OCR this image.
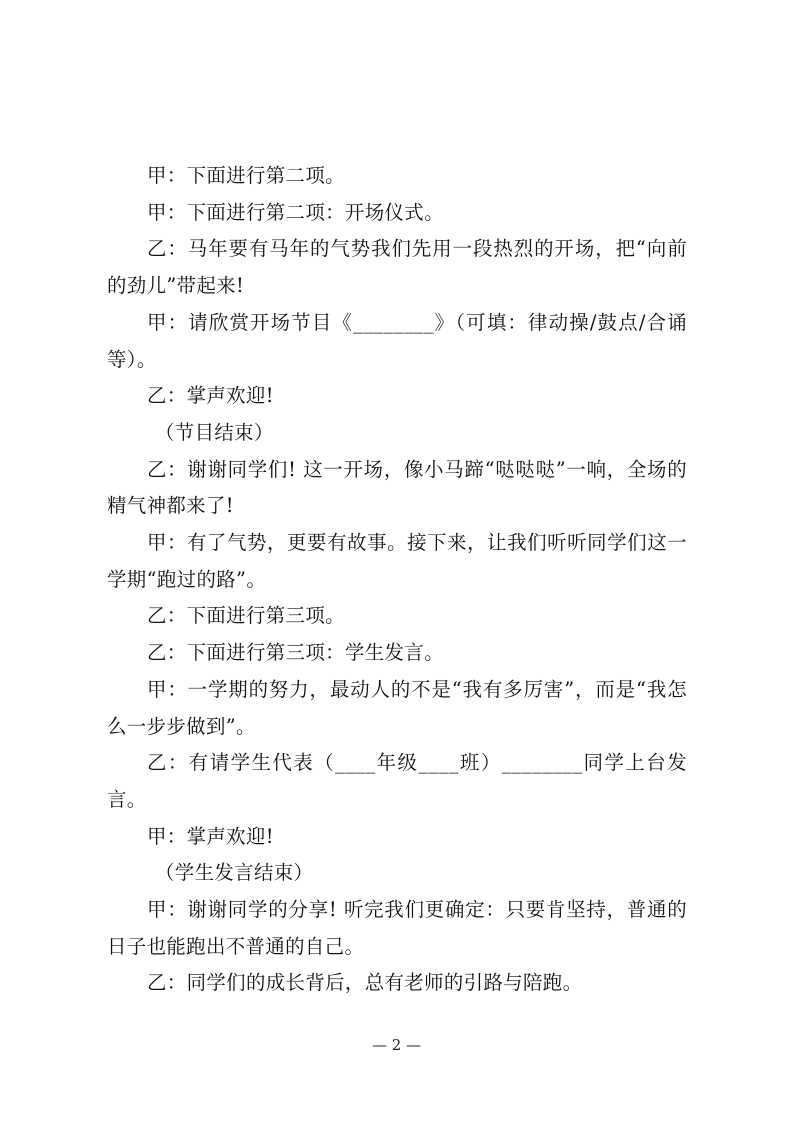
甲：下面进行第二项。

甲：下面进行第二项：开场仪式。

乙：马年要有马年的气势我们先用一段热烈的开场，把“向前的劲儿”带起来!

甲：请欣赏开场节目《________》（可填：律动操/鼓点/合诵等）。

乙：掌声欢迎!

（节目结束）

乙：谢谢同学们! 这一开场，像小马蹄“哒哒哒”一响，全场的精气神都来了!

甲：有了气势，更要有故事。接下来，让我们听听同学们这一学期“跑过的路”。

乙：下面进行第三项。

乙：下面进行第三项：学生发言。

甲：一学期的努力，最动人的不是“我有多厉害”，而是“我怎么一步步做到”。

乙：有请学生代表（____年级____班）________同学上台发言。

甲：掌声欢迎!

（学生发言结束）

甲：谢谢同学的分享! 听完我们更确定：只要肯坚持，普通的日子也能跑出不普通的自己。

乙：同学们的成长背后，总有老师的引路与陪跑。

— 2 —
